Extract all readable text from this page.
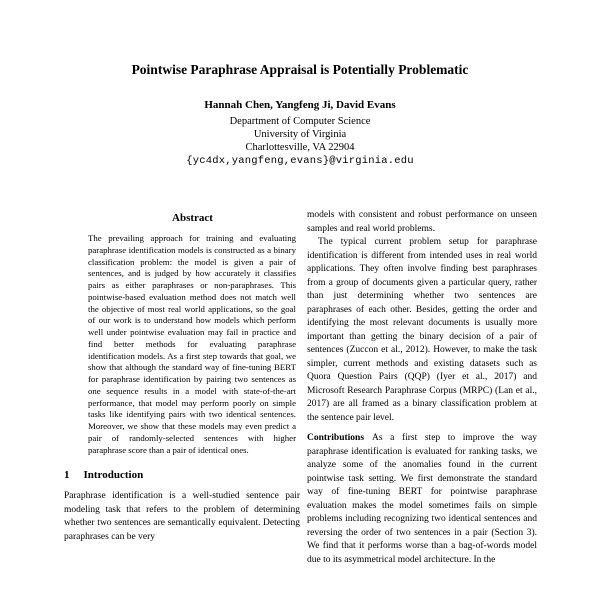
Pointwise Paraphrase Appraisal is Potentially Problematic
Hannah Chen, Yangfeng Ji, David Evans
Department of Computer Science
University of Virginia
Charlottesville, VA 22904
{yc4dx,yangfeng,evans}@virginia.edu
Abstract
The prevailing approach for training and evaluating paraphrase identification models is constructed as a binary classification problem: the model is given a pair of sentences, and is judged by how accurately it classifies pairs as either paraphrases or non-paraphrases. This pointwise-based evaluation method does not match well the objective of most real world applications, so the goal of our work is to understand how models which perform well under pointwise evaluation may fail in practice and find better methods for evaluating paraphrase identification models. As a first step towards that goal, we show that although the standard way of fine-tuning BERT for paraphrase identification by pairing two sentences as one sequence results in a model with state-of-the-art performance, that model may perform poorly on simple tasks like identifying pairs with two identical sentences. Moreover, we show that these models may even predict a pair of randomly-selected sentences with higher paraphrase score than a pair of identical ones.
1 Introduction

Paraphrase identification is a well-studied sentence pair modeling task that refers to the problem of determining whether two sentences are semantically equivalent. Detecting paraphrases can be very

models with consistent and robust performance on unseen samples and real world problems.

The typical current problem setup for paraphrase identification is different from intended uses in real world applications. They often involve finding best paraphrases from a group of documents given a particular query, rather than just determining whether two sentences are paraphrases of each other. Besides, getting the order and identifying the most relevant documents is usually more important than getting the binary decision of a pair of sentences (Zuccon et al., 2012). However, to make the task simpler, current methods and existing datasets such as Quora Question Pairs (QQP) (Iyer et al., 2017) and Microsoft Research Paraphrase Corpus (MRPC) (Lan et al., 2017) are all framed as a binary classification problem at the sentence pair level.

Contributions As a first step to improve the way paraphrase identification is evaluated for ranking tasks, we analyze some of the anomalies found in the current pointwise task setting. We first demonstrate the standard way of fine-tuning BERT for pointwise paraphrase evaluation makes the model sometimes fails on simple problems including recognizing two identical sentences and reversing the order of two sentences in a pair (Section 3). We find that it performs worse than a bag-of-words model due to its asymmetrical model architecture. In the
